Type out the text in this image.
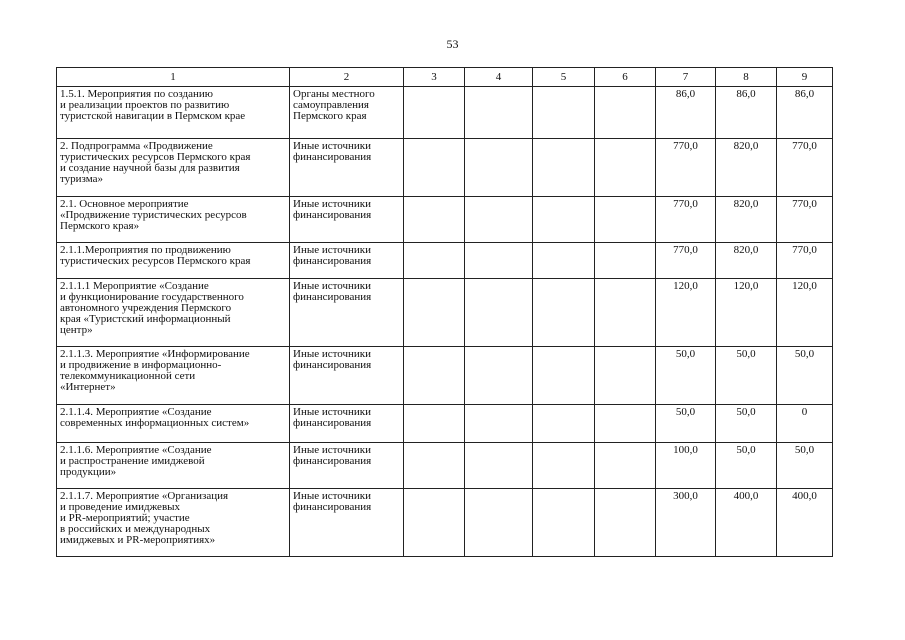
53
1	2	3	4	5	6	7	8	9
1.5.1. Мероприятия по созданию
и реализации проектов по развитию
туристской навигации в Пермском крае	Органы местного
самоуправления
Пермского края					86,0	86,0	86,0
2. Подпрограмма «Продвижение
туристических ресурсов Пермского края
и создание научной базы для развития
туризма»	Иные источники
финансирования					770,0	820,0	770,0
2.1. Основное мероприятие
«Продвижение туристических ресурсов
Пермского края»	Иные источники
финансирования					770,0	820,0	770,0
2.1.1.Мероприятия по продвижению
туристических ресурсов Пермского края	Иные источники
финансирования					770,0	820,0	770,0
2.1.1.1 Мероприятие «Создание
и функционирование государственного
автономного учреждения Пермского
края «Туристский информационный
центр»	Иные источники
финансирования					120,0	120,0	120,0
2.1.1.3. Мероприятие «Информирование
и продвижение в информационно-
телекоммуникационной сети
«Интернет»	Иные источники
финансирования					50,0	50,0	50,0
2.1.1.4. Мероприятие «Создание
современных информационных систем»	Иные источники
финансирования					50,0	50,0	0
2.1.1.6. Мероприятие «Создание
и распространение имиджевой
продукции»	Иные источники
финансирования					100,0	50,0	50,0
2.1.1.7. Мероприятие «Организация
и проведение имиджевых
и PR-мероприятий; участие
в российских и международных
имиджевых и PR-мероприятиях»	Иные источники
финансирования					300,0	400,0	400,0
